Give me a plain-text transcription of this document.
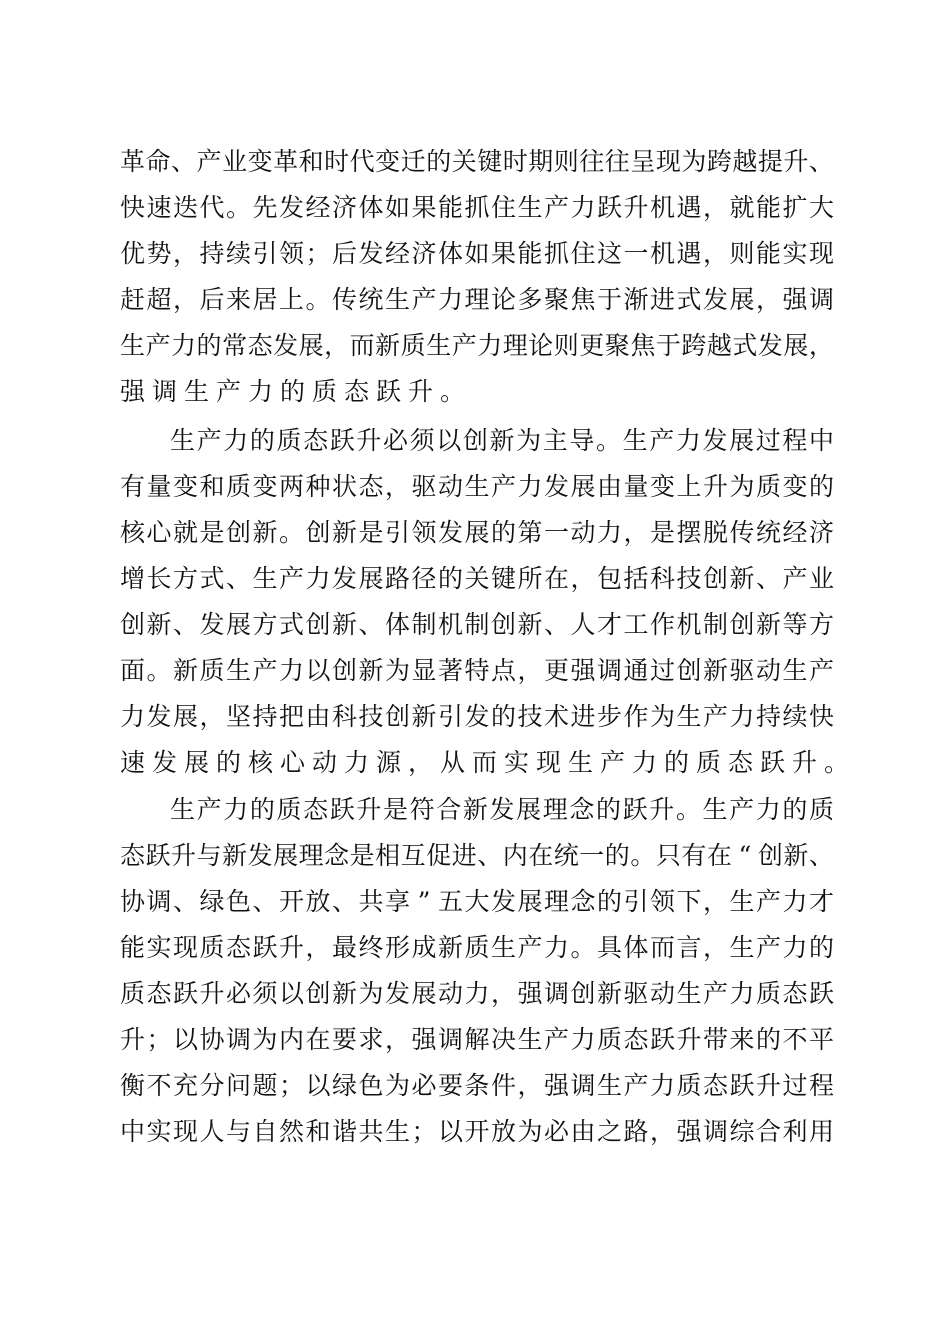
革 命 、 产 业 变 革 和 时 代 变 迁 的 关 键 时 期 则 往 往 呈 现 为 跨 越 提 升 、
快 速 迭 代 。 先 发 经 济 体 如 果 能 抓 住 生 产 力 跃 升 机 遇 ， 就 能 扩 大
优 势 ， 持 续 引 领 ； 后 发 经 济 体 如 果 能 抓 住 这 一 机 遇 ， 则 能 实 现
赶 超 ， 后 来 居 上 。 传 统 生 产 力 理 论 多 聚 焦 于 渐 进 式 发 展 ， 强 调
生 产 力 的 常 态 发 展 ， 而 新 质 生 产 力 理 论 则 更 聚 焦 于 跨 越 式 发 展 ，
强调生产力的质态跃升。
生 产 力 的 质 态 跃 升 必 须 以 创 新 为 主 导 。 生 产 力 发 展 过 程 中
有 量 变 和 质 变 两 种 状 态 ， 驱 动 生 产 力 发 展 由 量 变 上 升 为 质 变 的
核 心 就 是 创 新 。 创 新 是 引 领 发 展 的 第 一 动 力 ， 是 摆 脱 传 统 经 济
增 长 方 式 、 生 产 力 发 展 路 径 的 关 键 所 在 ， 包 括 科 技 创 新 、 产 业
创 新 、 发 展 方 式 创 新 、 体 制 机 制 创 新 、 人 才 工 作 机 制 创 新 等 方
面 。 新 质 生 产 力 以 创 新 为 显 著 特 点 ， 更 强 调 通 过 创 新 驱 动 生 产
力 发 展 ， 坚 持 把 由 科 技 创 新 引 发 的 技 术 进 步 作 为 生 产 力 持 续 快
速发展的核心动力源，从而实现生产力的质态跃升。
生 产 力 的 质 态 跃 升 是 符 合 新 发 展 理 念 的 跃 升 。 生 产 力 的 质
态 跃 升 与 新 发 展 理 念 是 相 互 促 进 、 内 在 统 一 的 。 只 有 在 “ 创 新 、
协 调 、 绿 色 、 开 放 、 共 享 ” 五 大 发 展 理 念 的 引 领 下 ， 生 产 力 才
能 实 现 质 态 跃 升 ， 最 终 形 成 新 质 生 产 力 。 具 体 而 言 ， 生 产 力 的
质 态 跃 升 必 须 以 创 新 为 发 展 动 力 ， 强 调 创 新 驱 动 生 产 力 质 态 跃
升 ； 以 协 调 为 内 在 要 求 ， 强 调 解 决 生 产 力 质 态 跃 升 带 来 的 不 平
衡 不 充 分 问 题 ； 以 绿 色 为 必 要 条 件 ， 强 调 生 产 力 质 态 跃 升 过 程
中 实 现 人 与 自 然 和 谐 共 生 ； 以 开 放 为 必 由 之 路 ， 强 调 综 合 利 用
